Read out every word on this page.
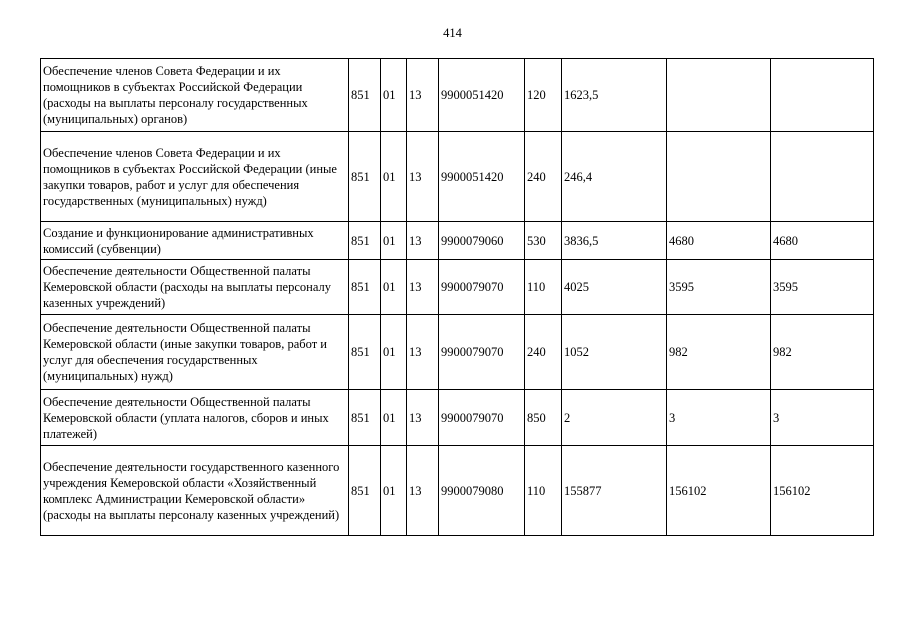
414
Обеспечение членов Совета Федерации и их помощников в субъектах Российской Федерации (расходы на выплаты персоналу государственных (муниципальных) органов)	851	01	13	9900051420	120	1623,5		
Обеспечение членов Совета Федерации и их помощников в субъектах Российской Федерации (иные закупки товаров, работ и услуг для обеспечения государственных (муниципальных) нужд)	851	01	13	9900051420	240	246,4		
Создание и функционирование административных комиссий (субвенции)	851	01	13	9900079060	530	3836,5	4680	4680
Обеспечение деятельности Общественной палаты Кемеровской области (расходы на выплаты персоналу казенных учреждений)	851	01	13	9900079070	110	4025	3595	3595
Обеспечение деятельности Общественной палаты Кемеровской области (иные закупки товаров, работ и услуг для обеспечения государственных (муниципальных) нужд)	851	01	13	9900079070	240	1052	982	982
Обеспечение деятельности Общественной палаты Кемеровской области (уплата налогов, сборов и иных платежей)	851	01	13	9900079070	850	2	3	3
Обеспечение деятельности государственного казенного учреждения Кемеровской области «Хозяйственный комплекс Администрации Кемеровской области» (расходы на выплаты персоналу казенных учреждений)	851	01	13	9900079080	110	155877	156102	156102
